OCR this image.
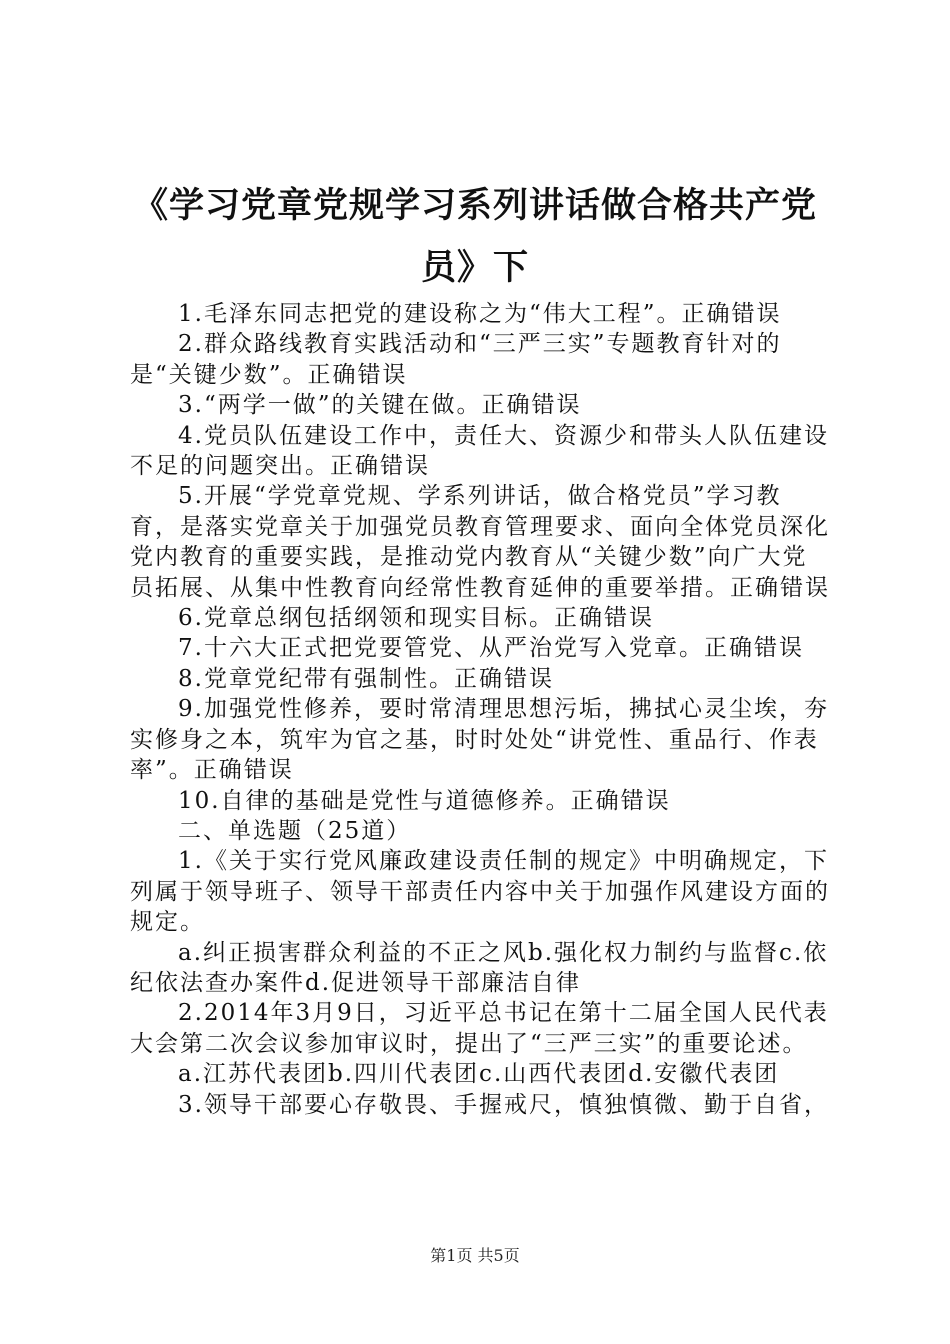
《学习党章党规学习系列讲话做合格共产党
员》下

1.毛泽东同志把党的建设称之为“伟大工程”。正确错误

2.群众路线教育实践活动和“三严三实”专题教育针对的是“关键少数”。正确错误

3.“两学一做”的关键在做。正确错误

4.党员队伍建设工作中，责任大、资源少和带头人队伍建设不足的问题突出。正确错误

5.开展“学党章党规、学系列讲话，做合格党员”学习教育，是落实党章关于加强党员教育管理要求、面向全体党员深化党内教育的重要实践，是推动党内教育从“关键少数”向广大党员拓展、从集中性教育向经常性教育延伸的重要举措。正确错误

6.党章总纲包括纲领和现实目标。正确错误

7.十六大正式把党要管党、从严治党写入党章。正确错误

8.党章党纪带有强制性。正确错误

9.加强党性修养，要时常清理思想污垢，拂拭心灵尘埃，夯实修身之本，筑牢为官之基，时时处处“讲党性、重品行、作表率”。正确错误

10.自律的基础是党性与道德修养。正确错误

二、单选题（25道）

1.《关于实行党风廉政建设责任制的规定》中明确规定，下列属于领导班子、领导干部责任内容中关于加强作风建设方面的规定。

a.纠正损害群众利益的不正之风b.强化权力制约与监督c.依纪依法查办案件d.促进领导干部廉洁自律

2.2014年3月9日，习近平总书记在第十二届全国人民代表大会第二次会议参加审议时，提出了“三严三实”的重要论述。

a.江苏代表团b.四川代表团c.山西代表团d.安徽代表团

3.领导干部要心存敬畏、手握戒尺，慎独慎微、勤于自省，

第1页 共5页
